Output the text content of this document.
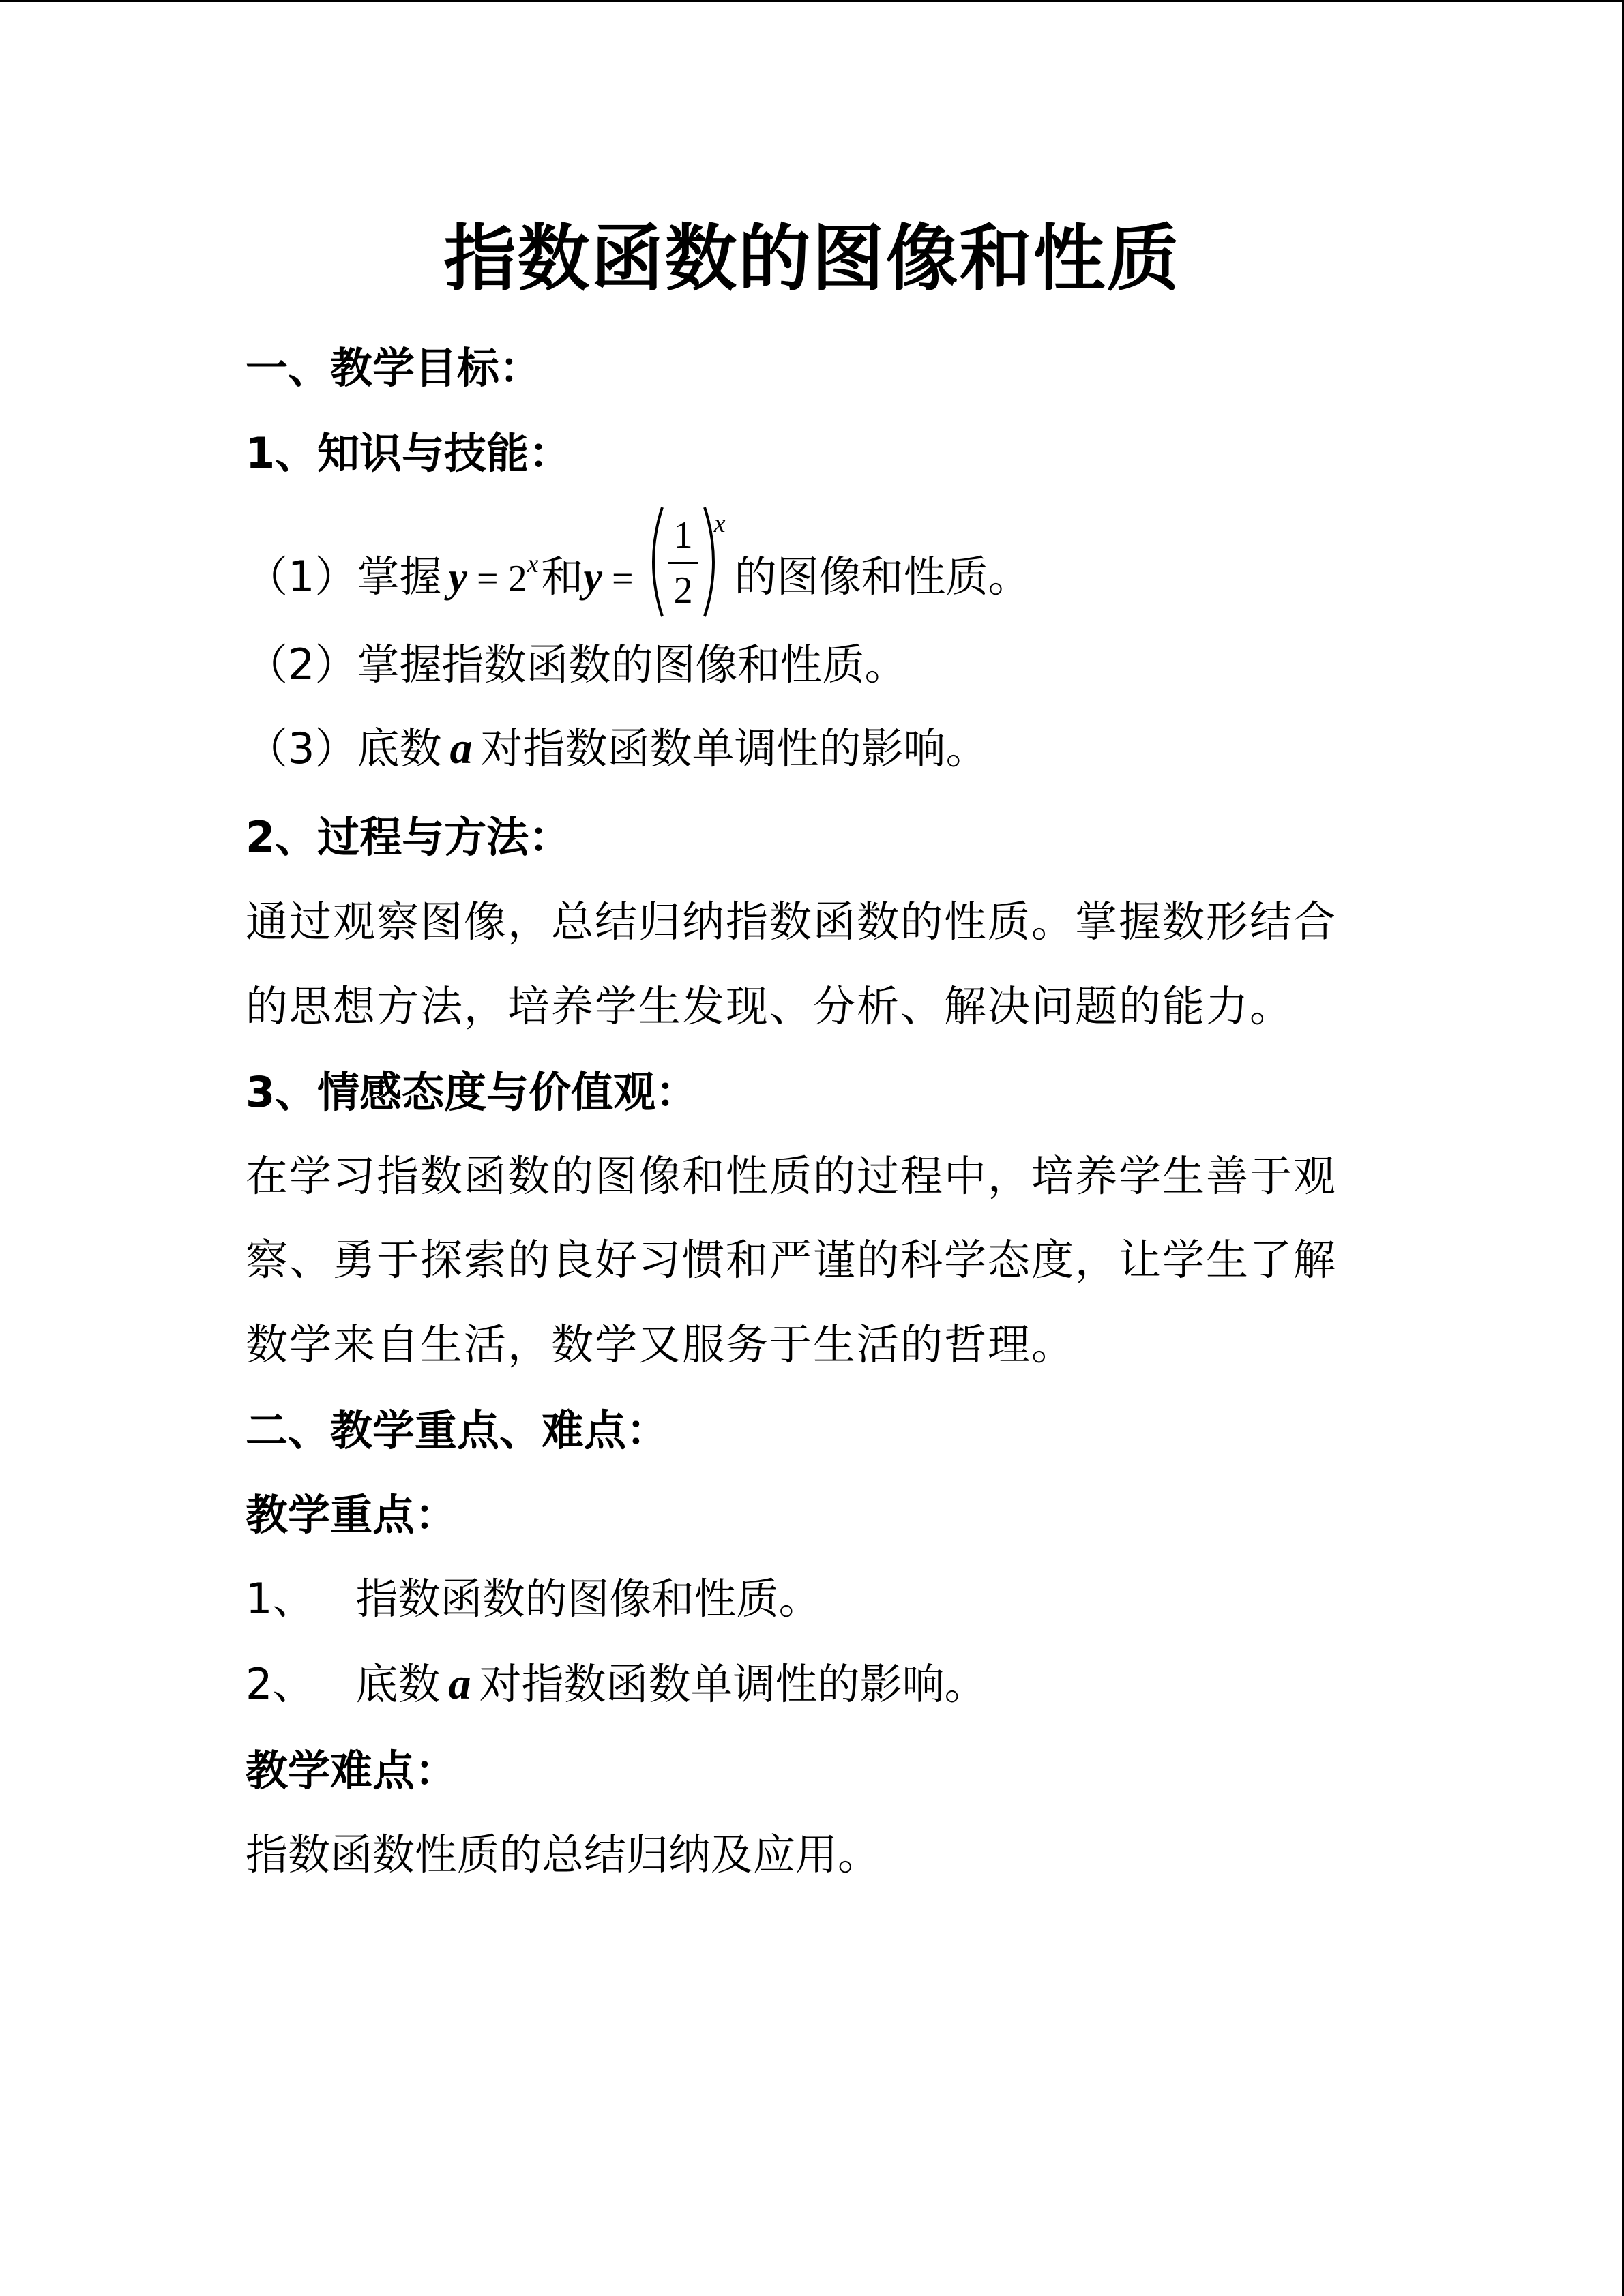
指数函数的图像和性质
一、教学目标：
1、知识与技能：
（1）掌握 $y = 2^x$和y =
1
2
x
的图像和性质。
（2）掌握指数函数的图像和性质。
（3）底数 a 对指数函数单调性的影响。
2、过程与方法：
通过观察图像，总结归纳指数函数的性质。掌握数形结合
的思想方法，培养学生发现、分析、解决问题的能力。
3、情感态度与价值观：
在学习指数函数的图像和性质的过程中，培养学生善于观
察、勇于探索的良好习惯和严谨的科学态度，让学生了解
数学来自生活，数学又服务于生活的哲理。
二、教学重点、难点：
教学重点：
1、 指数函数的图像和性质。
2、 底数 a 对指数函数单调性的影响。
教学难点：
指数函数性质的总结归纳及应用。
